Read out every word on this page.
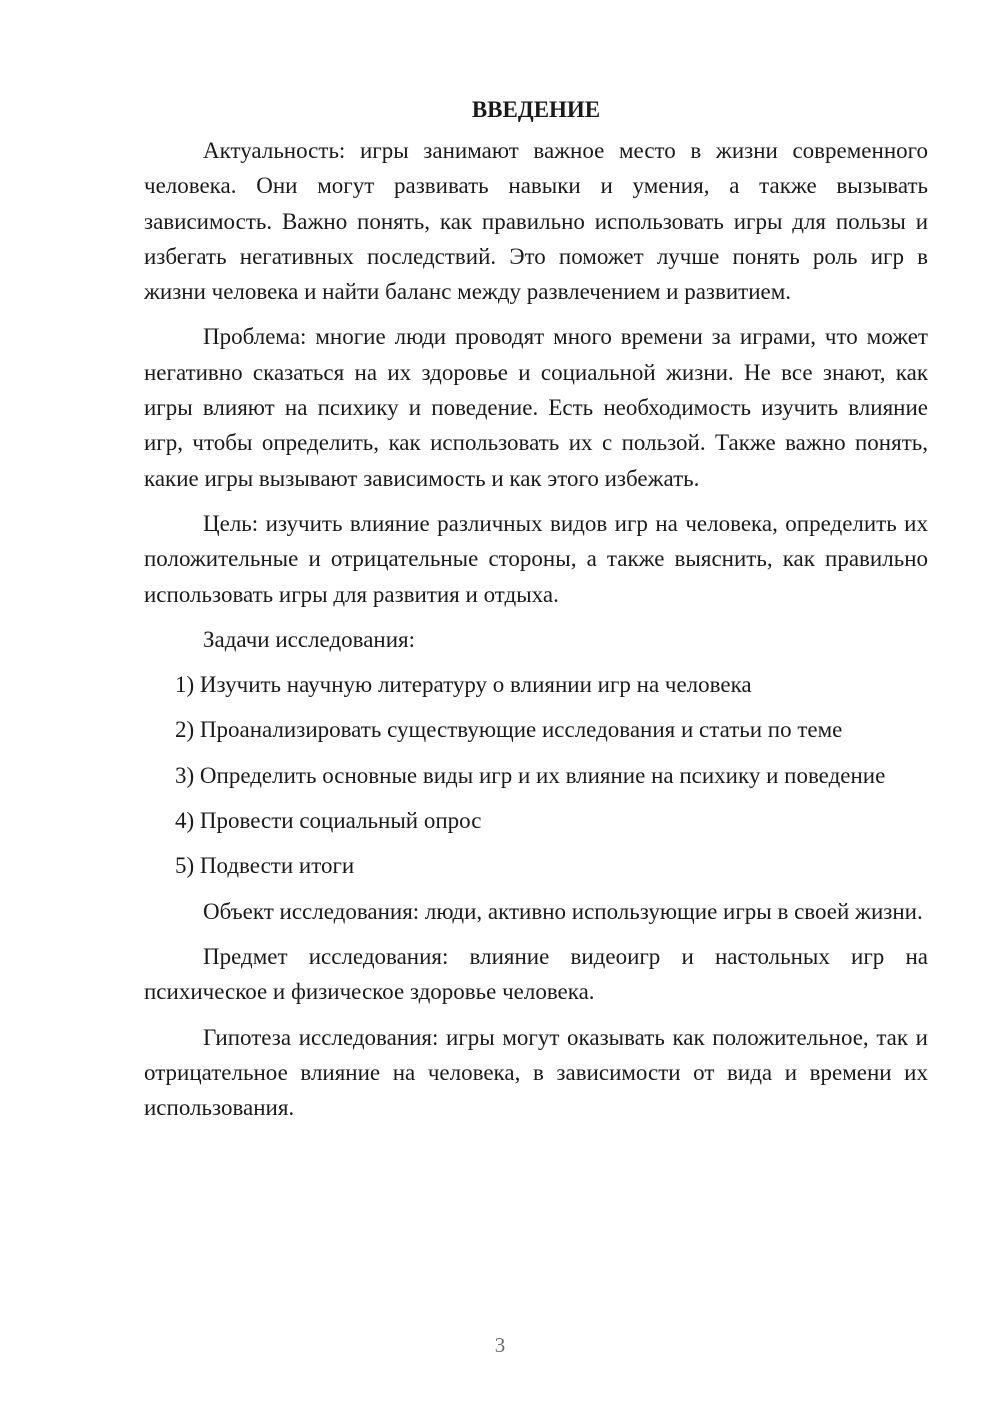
ВВЕДЕНИЕ

Актуальность: игры занимают важное место в жизни современного человека. Они могут развивать навыки и умения, а также вызывать зависимость. Важно понять, как правильно использовать игры для пользы и избегать негативных последствий. Это поможет лучше понять роль игр в жизни человека и найти баланс между развлечением и развитием.

Проблема: многие люди проводят много времени за играми, что может негативно сказаться на их здоровье и социальной жизни. Не все знают, как игры влияют на психику и поведение. Есть необходимость изучить влияние игр, чтобы определить, как использовать их с пользой. Также важно понять, какие игры вызывают зависимость и как этого избежать.

Цель: изучить влияние различных видов игр на человека, определить их положительные и отрицательные стороны, а также выяснить, как правильно использовать игры для развития и отдыха.

Задачи исследования:

1) Изучить научную литературу о влиянии игр на человека

2) Проанализировать существующие исследования и статьи по теме

3) Определить основные виды игр и их влияние на психику и поведение

4) Провести социальный опрос

5) Подвести итоги

Объект исследования: люди, активно использующие игры в своей жизни.

Предмет исследования: влияние видеоигр и настольных игр на психическое и физическое здоровье человека.

Гипотеза исследования: игры могут оказывать как положительное, так и отрицательное влияние на человека, в зависимости от вида и времени их использования.

3
